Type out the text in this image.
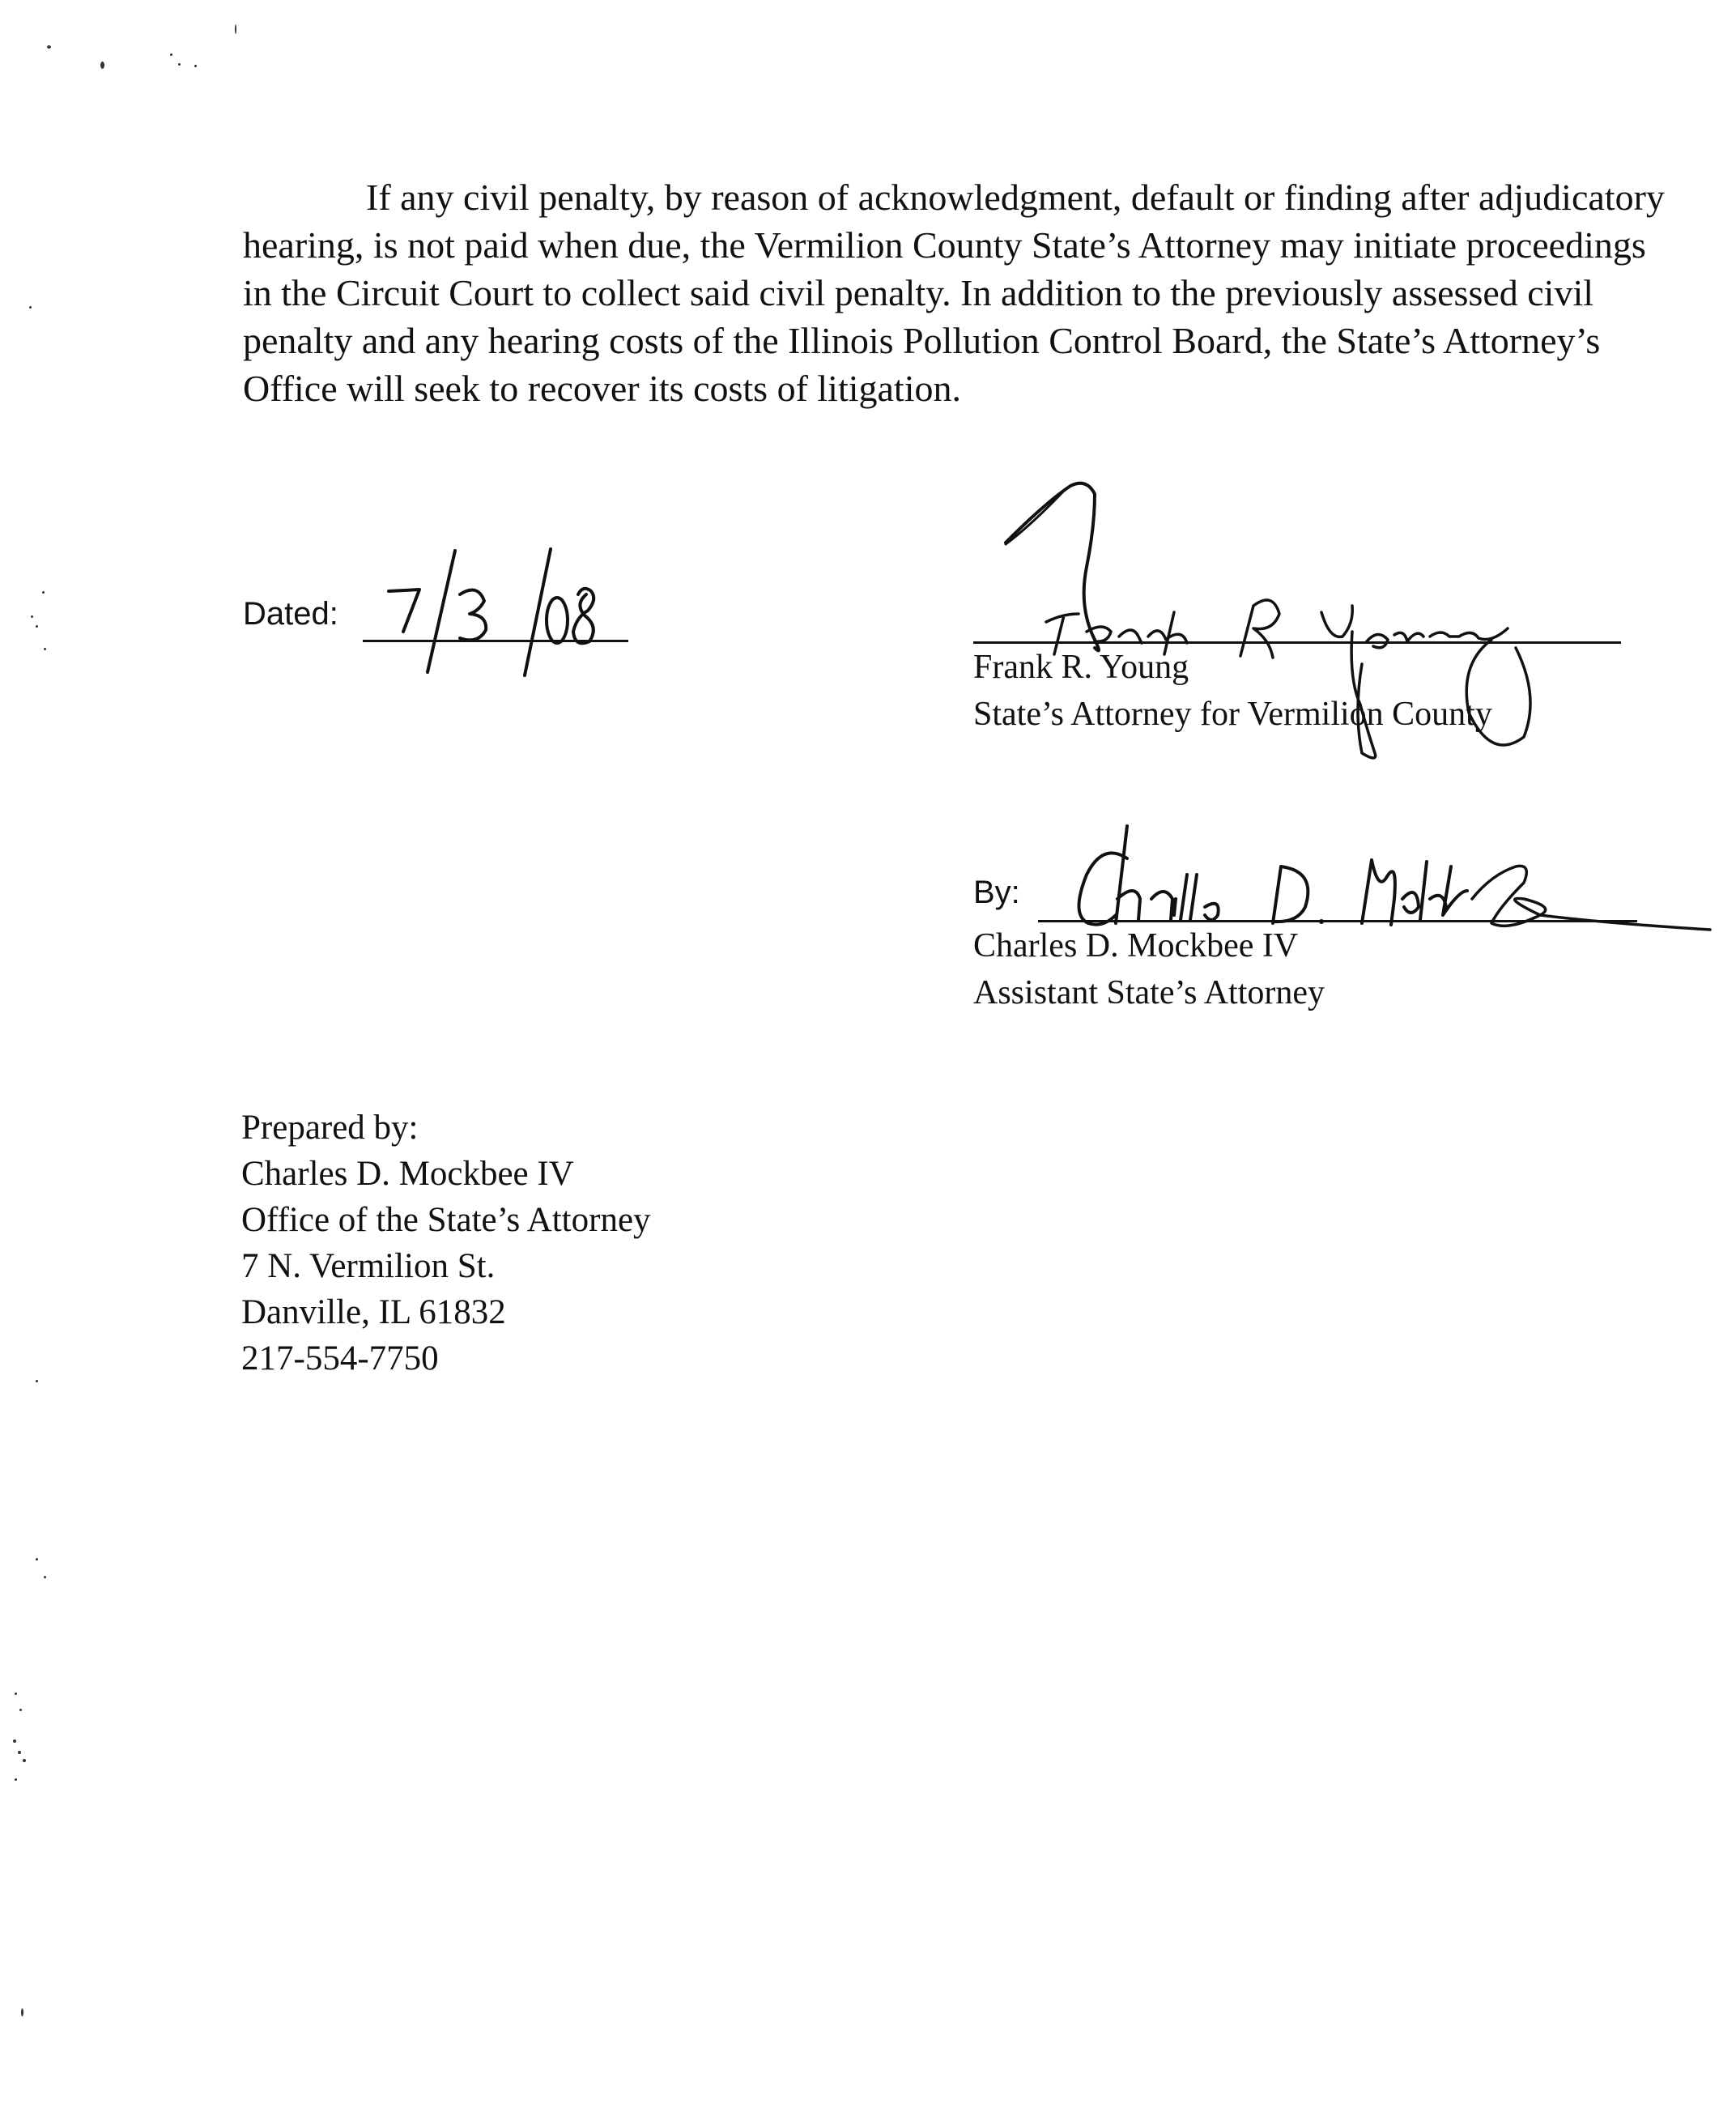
If any civil penalty, by reason of acknowledgment, default or finding after adjudicatory hearing, is not paid when due, the Vermilion County State’s Attorney may initiate proceedings in the Circuit Court to collect said civil penalty. In addition to the previously assessed civil penalty and any hearing costs of the Illinois Pollution Control Board, the State’s Attorney’s Office will seek to recover its costs of litigation.

Dated:
Frank R. Young
State’s Attorney for Vermilion County
By:
Charles D. Mockbee IV
Assistant State’s Attorney
Prepared by:
Charles D. Mockbee IV
Office of the State’s Attorney
7 N. Vermilion St.
Danville, IL 61832
217-554-7750
